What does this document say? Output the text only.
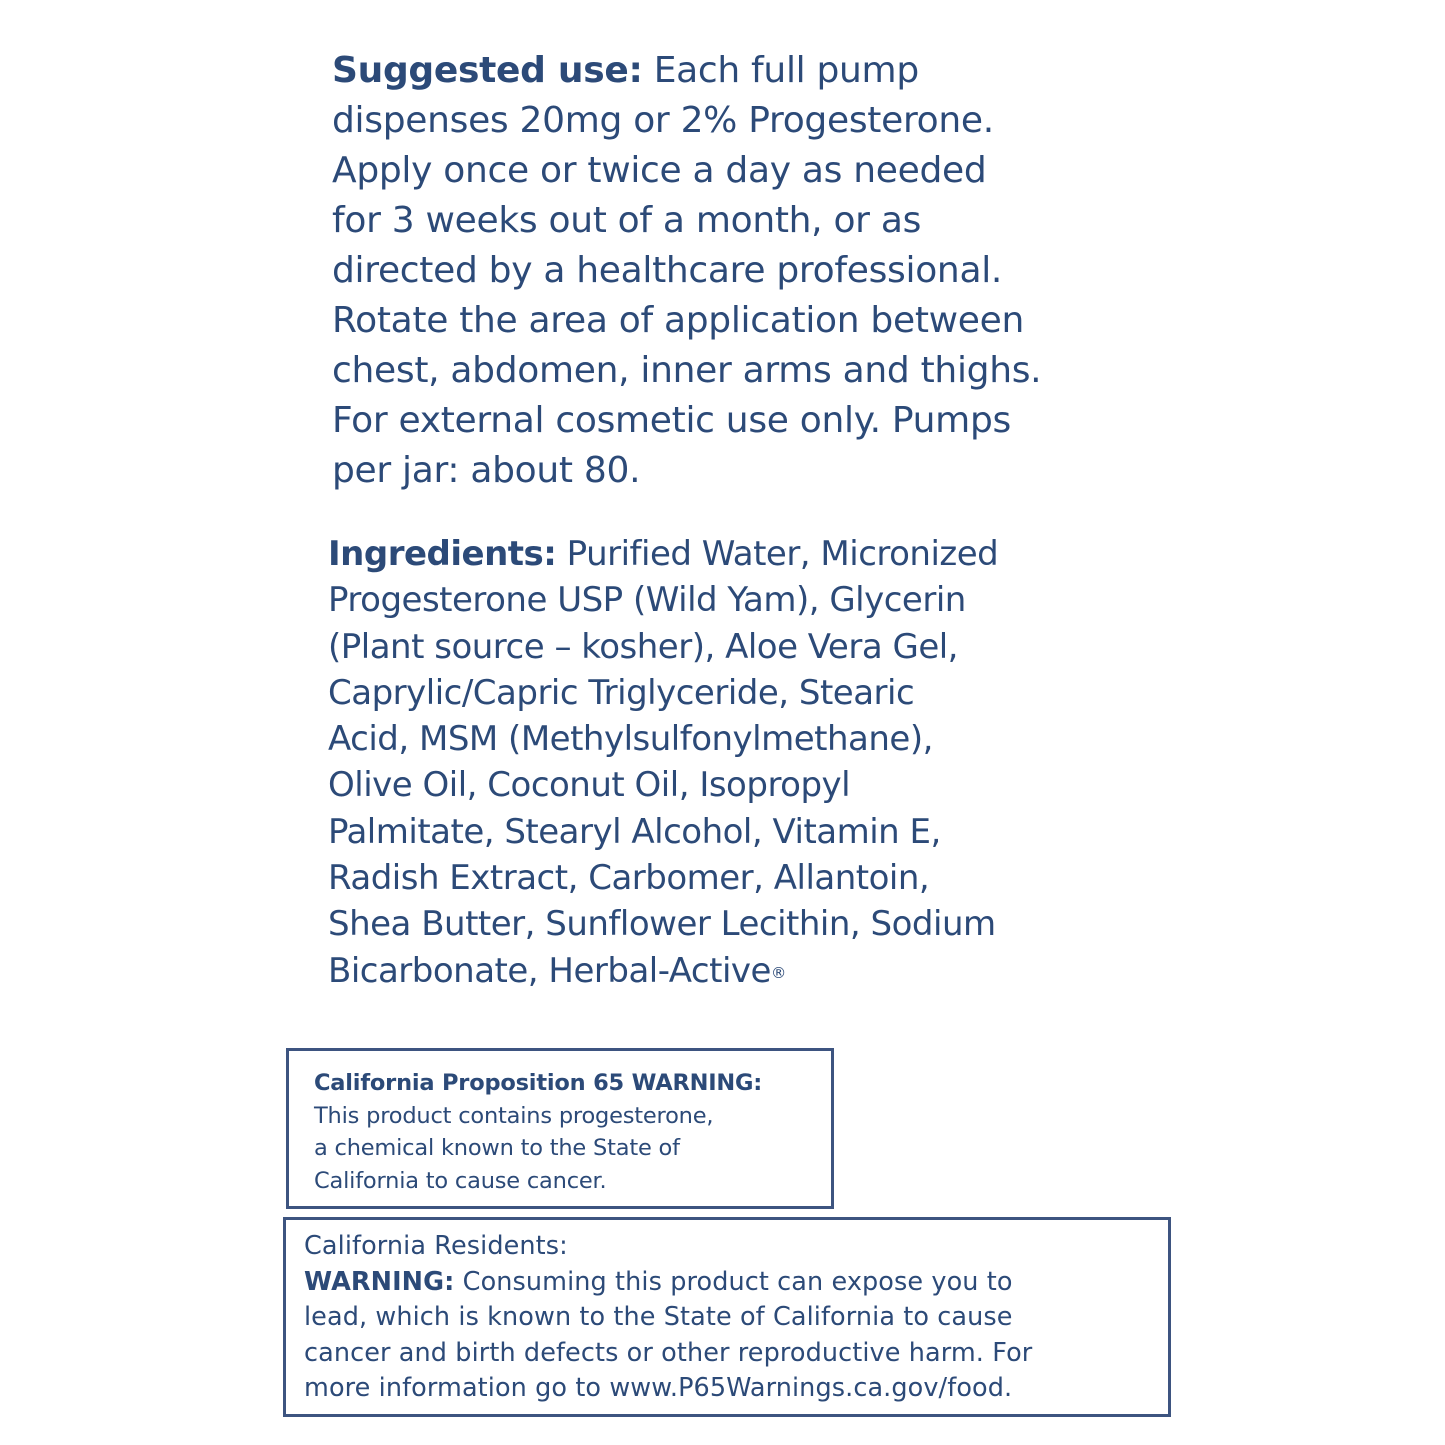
Suggested use: Each full pump
dispenses 20mg or 2% Progesterone.
Apply once or twice a day as needed
for 3 weeks out of a month, or as
directed by a healthcare professional.
Rotate the area of application between
chest, abdomen, inner arms and thighs.
For external cosmetic use only. Pumps
per jar: about 80.
Ingredients: Purified Water, Micronized
Progesterone USP (Wild Yam), Glycerin
(Plant source – kosher), Aloe Vera Gel,
Caprylic/Capric Triglyceride, Stearic
Acid, MSM (Methylsulfonylmethane),
Olive Oil, Coconut Oil, Isopropyl
Palmitate, Stearyl Alcohol, Vitamin E,
Radish Extract, Carbomer, Allantoin,
Shea Butter, Sunflower Lecithin, Sodium
Bicarbonate, Herbal-Active®
California Proposition 65 WARNING:
This product contains progesterone,
a chemical known to the State of
California to cause cancer.
California Residents:
WARNING: Consuming this product can expose you to
lead, which is known to the State of California to cause
cancer and birth defects or other reproductive harm. For
more information go to www.P65Warnings.ca.gov/food.
